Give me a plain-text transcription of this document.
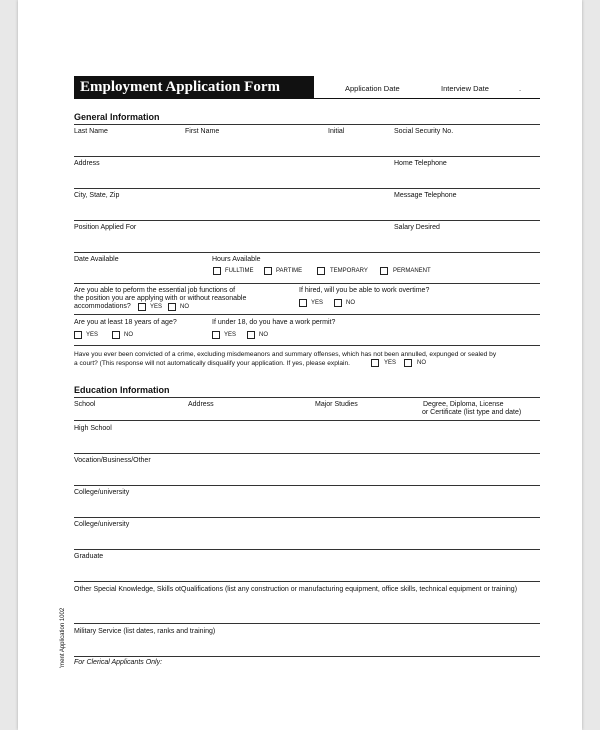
Employment Application Form	Application Date	Interview Date	.
General Information
Last Name	First Name	Initial	Social Security No.
Address	Home Telephone
City, State, Zip	Message Telephone
Position Applied For	Salary Desired
Date Available	Hours Available
FULLTIME	PARTIME	TEMPORARY	PERMANENT
Are you able to peform the essential job functions of
the position you are applying with or without reasonable
accommodations?	YES	NO
If hired, will you be able to work overtime?
YES	NO
Are you at least 18 years of age?
YES	NO
If under 18, do you have a work permit?
YES	NO
Have you ever been convicted of a crime, excluding misdemeanors and summary offenses, which has not been annulled, expunged or sealed by
a court? (This response will not automatically disqualify your application. If yes, please explain.	YES	NO
Education Information
School	Address	Major Studies	Degree, Diploma, License
or Certificate (list type and date)
High School
Vocation/Business/Other
College/university
College/university
Graduate
Other Special Knowledge, Skills otQualifications (list any construction or manufacturing equipment, office skills, technical equipment or training)
Military Service (list dates, ranks and training)
For Clerical Applicants Only:
'ment Application 1002
